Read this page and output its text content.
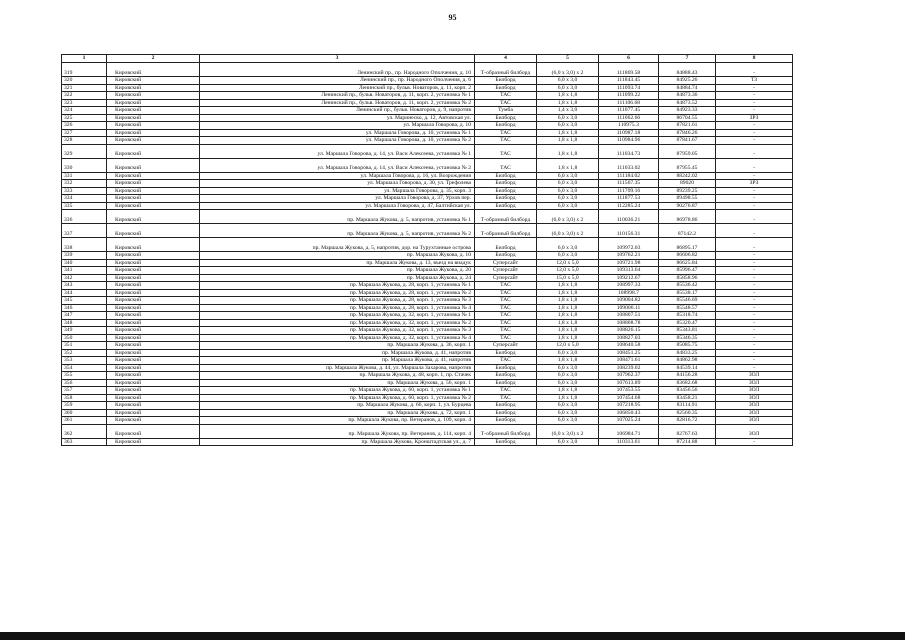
95
1	2	3	4	5	6	7	8
319	Кировский	Ленинский пр., пр. Народного Ополчения, д. 10	Т-образный билборд	(6,0 х 3,0) х 2	111869.58	84888.43	-
320	Кировский	Ленинский пр., пр. Народного Ополчения, д. 6	Билборд	6,0 х 3,0	111843.45	84925.26	ТЗ
321	Кировский	Ленинский пр., бульв. Новаторов, д. 11, корп. 2	Билборд	6,0 х 3,0	111093.74	84884.74	-
322	Кировский	Ленинский пр., бульв. Новаторов, д. 11, корп. 2, установка № 1	ТАС	1,8 х 1,8	111099.22	84873.36	-
323	Кировский	Ленинский пр., бульв. Новаторов, д. 11, корп. 2, установка № 2	ТАС	1,8 х 1,8	111106.68	84873.52	-
324	Кировский	Ленинский пр., бульв. Новаторов, д. 9, напротив	Тумба	1,4 х 3,0	111077.45	84923.33	-
325	Кировский	ул. Маринеско, д. 12, Автовская ул.	Билборд	6,0 х 3,0	111062.66	86704.55	ЗРЗ
326	Кировский	ул. Маршала Говорова, д. 10	Билборд	6,0 х 3,0	110975.3	87821.61	-
327	Кировский	ул. Маршала Говорова, д. 10, установка № 1	ТАС	1,8 х 1,8	110987.18	87846.26	-
328	Кировский	ул. Маршала Говорова, д. 10, установка № 2	ТАС	1,8 х 1,8	110984.96	87841.67	-
329	Кировский	ул. Маршала Говорова, д. 14, ул. Васи Алексеева, установка № 1	ТАС	1,8 х 1,8	111034.73	87959.05	-
330	Кировский	ул. Маршала Говорова, д. 14, ул. Васи Алексеева, установка № 2	ТАС	1,8 х 1,8	111033.02	87955.45	-
331	Кировский	ул. Маршала Говорова, д. 16, ул. Возрождения	Билборд	6,0 х 3,0	111184.02	88242.02	-
332	Кировский	ул. Маршала Говорова, д. 30, ул. Трефолева	Билборд	6,0 х 3,0	111567.35	89020	ЗРЗ
333	Кировский	ул. Маршала Говорова, д. 35, корп. 3	Билборд	6,0 х 3,0	111709.16	89239.25	-
334	Кировский	ул. Маршала Говорова, д. 37, Урхов пер.	Билборд	6,0 х 3,0	111877.53	89498.55	-
335	Кировский	ул. Маршала Говорова, д. 47, Балтийская ул.	Билборд	6,0 х 3,0	112285.24	90276.87	-
336	Кировский	пр. Маршала Жукова, д. 5, напротив, установка № 1	Т-образный билборд	(6,0 х 3,0) х 2	110036.21	86978.86	-
337	Кировский	пр. Маршала Жукова, д. 5, напротив, установка № 2	Т-образный билборд	(6,0 х 3,0) х 2	110156.31	87142.2	-
338	Кировский	пр. Маршала Жукова, д. 5, напротив, дор. на Турухтанные острова	Билборд	6,0 х 3,0	109972.03	86895.17	-
339	Кировский	пр. Маршала Жукова, д. 10	Билборд	6,0 х 3,0	109762.21	86606.82	-
340	Кировский	пр. Маршала Жукова, д. 13, въезд на виадук	Суперсайт	12,0 х 5,0	109721.98	86625.84	-
341	Кировский	пр. Маршала Жукова, д. 20	Суперсайт	12,0 х 5,0	109313.64	85996.47	-
342	Кировский	пр. Маршала Жукова, д. 24	Суперсайт	15,0 х 5,0	109212.67	85858.96	-
343	Кировский	пр. Маршала Жукова, д. 28, корп. 1, установка № 1	ТАС	1,8 х 1,8	108997.33	85536.42	-
344	Кировский	пр. Маршала Жукова, д. 28, корп. 1, установка № 2	ТАС	1,8 х 1,8	108998.7	85538.17	-
345	Кировский	пр. Маршала Жукова, д. 28, корп. 1, установка № 3	ТАС	1,8 х 1,8	109004.82	85546.69	-
346	Кировский	пр. Маршала Жукова, д. 28, корп. 1, установка № 4	ТАС	1,8 х 1,8	109006.11	85548.57	-
347	Кировский	пр. Маршала Жукова, д. 32, корп. 1, установка № 1	ТАС	1,8 х 1,8	108807.51	85318.74	-
348	Кировский	пр. Маршала Жукова, д. 32, корп. 1, установка № 2	ТАС	1,8 х 1,8	108808.78	85320.47	-
349	Кировский	пр. Маршала Жукова, д. 32, корп. 1, установка № 3	ТАС	1,8 х 1,8	108826.15	85343.81	-
350	Кировский	пр. Маршала Жукова, д. 32, корп. 1, установка № 4	ТАС	1,8 х 1,8	108827.03	85346.35	-
351	Кировский	пр. Маршала Жукова, д. 36, корп. 1	Суперсайт	12,0 х 5,0	108640.58	85085.75	-
352	Кировский	пр. Маршала Жукова, д. 41, напротив	Билборд	6,0 х 3,0	108451.25	84833.25	-
353	Кировский	пр. Маршала Жукова, д. 41, напротив	ТАС	1,8 х 1,8	108471.61	84862.98	-
354	Кировский	пр. Маршала Жукова, д. 44, ул. Маршала Захарова, напротив	Билборд	6,0 х 3,0	108239.02	84539.14	-
355	Кировский	пр. Маршала Жукова, д. 48, корп. 1, пр. Стачек	Билборд	6,0 х 3,0	107962.37	84156.28	ЗОЛ
356	Кировский	пр. Маршала Жукова, д. 56, корп. 1	Билборд	6,0 х 3,0	107613.89	83682.68	ЗОЛ
357	Кировский	пр. Маршала Жукова, д. 60, корп. 1, установка № 1	ТАС	1,8 х 1,8	107453.55	83456.56	ЗОЛ
358	Кировский	пр. Маршала Жукова, д. 60, корп. 1, установка № 2	ТАС	1,8 х 1,8	107454.68	83458.21	ЗОЛ
359	Кировский	пр. Маршала Жукова, д. 66, корп. 1, ул. Бурцева	Билборд	6,0 х 3,0	107218.95	83114.91	ЗОЛ
360	Кировский	пр. Маршала Жукова, д. 72, корп. 1	Билборд	6,0 х 3,0	106850.43	82560.35	ЗОЛ
361	Кировский	пр. Маршала Жукова, пр. Ветеранов, д. 109, корп. 4	Билборд	6,0 х 3,0	107025.24	82816.72	ЗОЛ
362	Кировский	пр. Маршала Жукова, пр. Ветеранов, д. 114, корп. 4	Т-образный билборд	(6,0 х 3,0) х 2	106984.71	82767.63	ЗОЛ
363	Кировский	пр. Маршала Жукова, Кронштадтская ул., д. 7	Билборд	6,0 х 3,0	110313.61	87214.88	-
